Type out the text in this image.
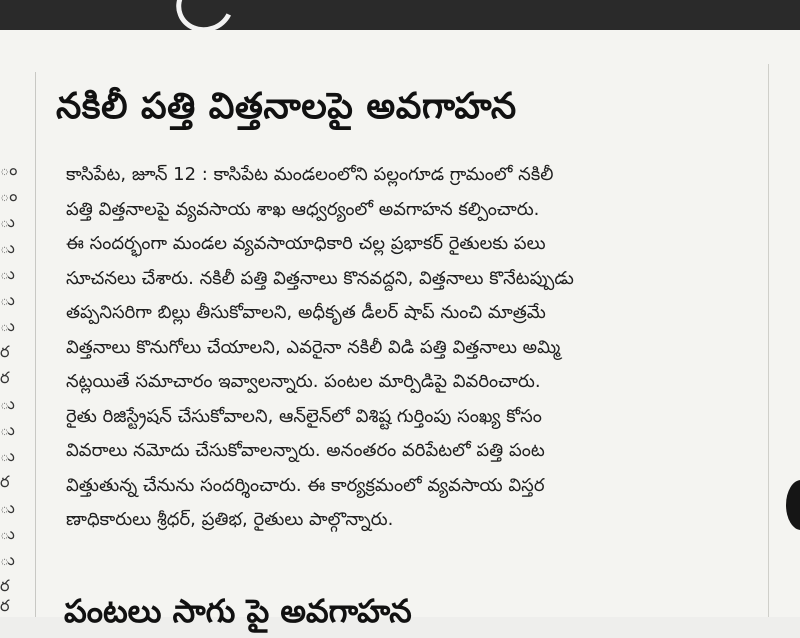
ం
ం
ు
ు
ు
ు
ు
ర
ర
ు
ు
ు
ర
ు
ు
ు
ర
ర
నకిలీ పత్తి విత్తనాలపై అవగాహన
కాసిపేట, జూన్ 12 : కాసిపేట మండలంలోని పల్లంగూడ గ్రామంలో నకిలీ
పత్తి విత్తనాలపై వ్యవసాయ శాఖ ఆధ్వర్యంలో అవగాహన కల్పించారు.
ఈ సందర్భంగా మండల వ్యవసాయాధికారి చల్ల ప్రభాకర్ రైతులకు పలు
సూచనలు చేశారు. నకిలీ పత్తి విత్తనాలు కొనవద్దని, విత్తనాలు కొనేటప్పుడు
తప్పనిసరిగా బిల్లు తీసుకోవాలని, అధీకృత డీలర్ షాప్ నుంచి మాత్రమే
విత్తనాలు కొనుగోలు చేయాలని, ఎవరైనా నకిలీ విడి పత్తి విత్తనాలు అమ్మి
నట్లయితే సమాచారం ఇవ్వాలన్నారు. పంటల మార్పిడిపై వివరించారు.
రైతు రిజిస్ట్రేషన్ చేసుకోవాలని, ఆన్‌లైన్‌లో విశిష్ట గుర్తింపు సంఖ్య కోసం
వివరాలు నమోదు చేసుకోవాలన్నారు. అనంతరం వరిపేటలో పత్తి పంట
విత్తుతున్న చేనును సందర్శించారు. ఈ కార్యక్రమంలో వ్యవసాయ విస్తర
ణాధికారులు శ్రీధర్, ప్రతిభ, రైతులు పాల్గొన్నారు.
పంటలు సాగు పై అవగాహన
